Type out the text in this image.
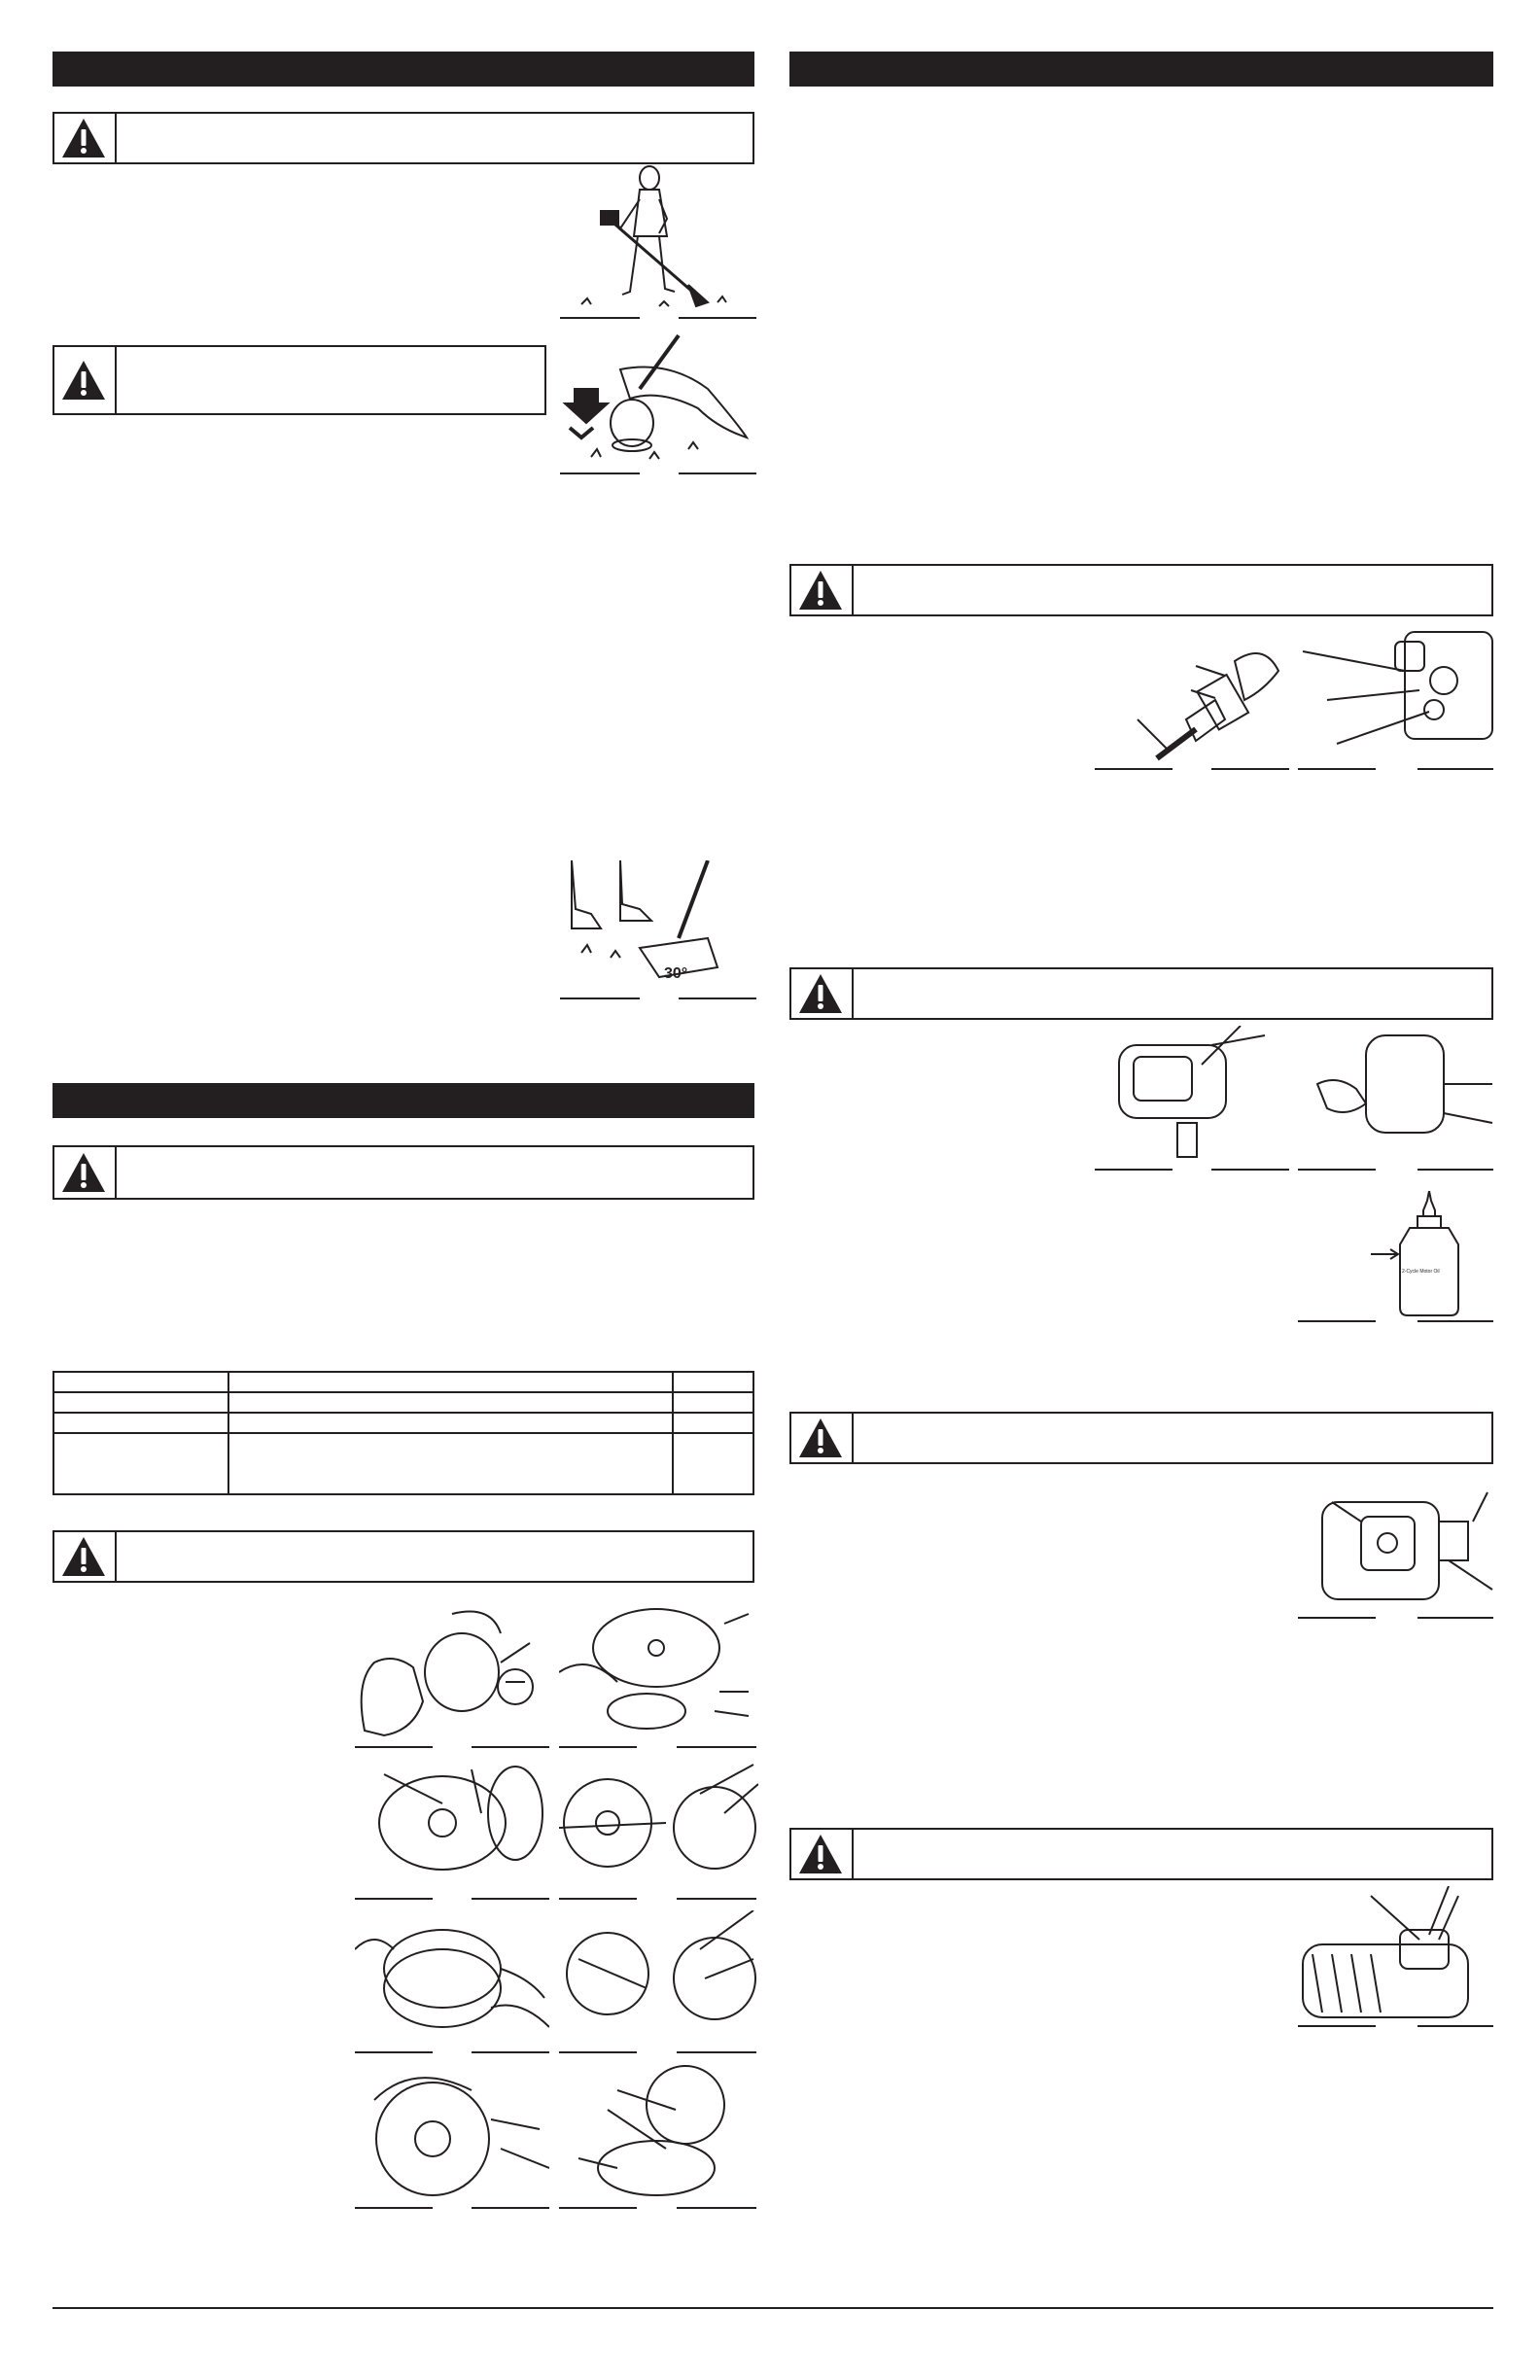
30°

2-Cycle Motor Oil
